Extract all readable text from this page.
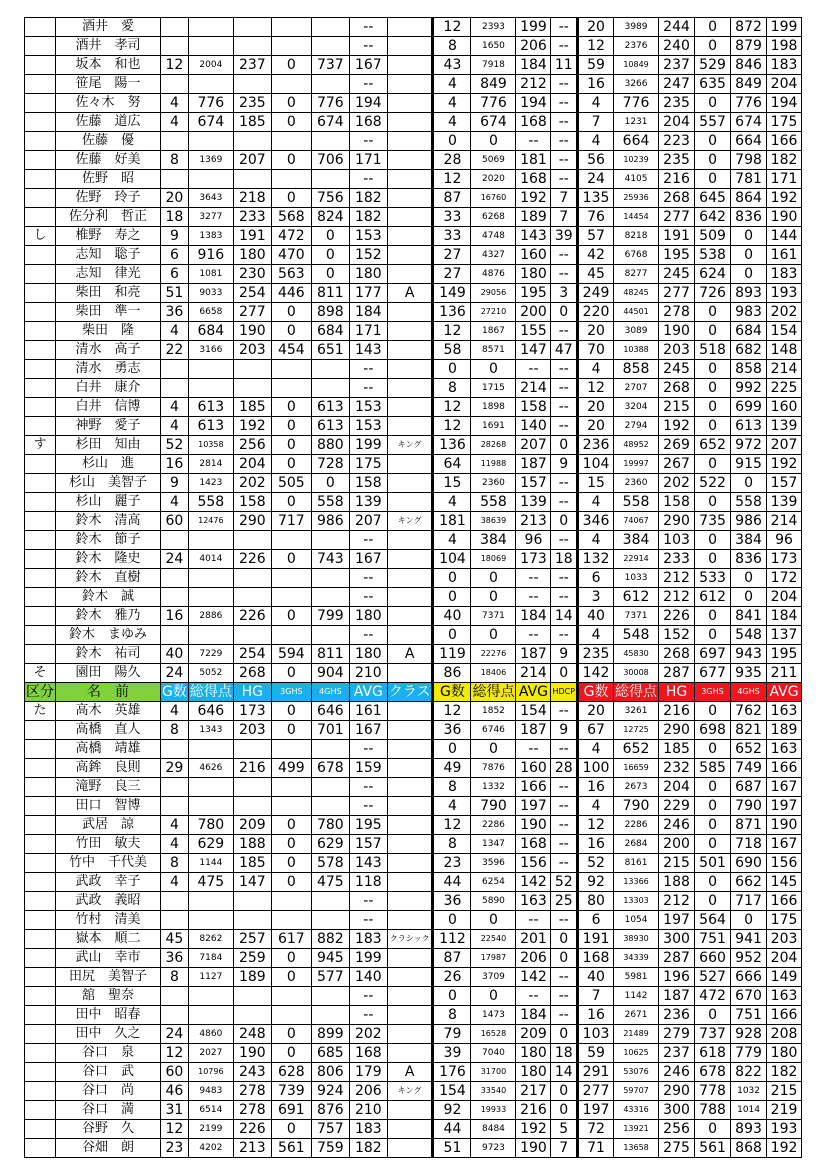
	酒井　愛						--		12	2393	199	--	20	3989	244	0	872	199
	酒井　孝司						--		8	1650	206	--	12	2376	240	0	879	198
	坂本　和也	12	2004	237	0	737	167		43	7918	184	11	59	10849	237	529	846	183
	笹尾　陽一						--		4	849	212	--	16	3266	247	635	849	204
	佐々木　努	4	776	235	0	776	194		4	776	194	--	4	776	235	0	776	194
	佐藤　道広	4	674	185	0	674	168		4	674	168	--	7	1231	204	557	674	175
	佐藤　優						--		0	0	--	--	4	664	223	0	664	166
	佐藤　好美	8	1369	207	0	706	171		28	5069	181	--	56	10239	235	0	798	182
	佐野　昭						--		12	2020	168	--	24	4105	216	0	781	171
	佐野　玲子	20	3643	218	0	756	182		87	16760	192	7	135	25936	268	645	864	192
	佐分利　哲正	18	3277	233	568	824	182		33	6268	189	7	76	14454	277	642	836	190
し	椎野　寿之	9	1383	191	472	0	153		33	4748	143	39	57	8218	191	509	0	144
	志知　聡子	6	916	180	470	0	152		27	4327	160	--	42	6768	195	538	0	161
	志知　律光	6	1081	230	563	0	180		27	4876	180	--	45	8277	245	624	0	183
	柴田　和亮	51	9033	254	446	811	177	A	149	29056	195	3	249	48245	277	726	893	193
	柴田　準一	36	6658	277	0	898	184		136	27210	200	0	220	44501	278	0	983	202
	柴田　隆	4	684	190	0	684	171		12	1867	155	--	20	3089	190	0	684	154
	清水　高子	22	3166	203	454	651	143		58	8571	147	47	70	10388	203	518	682	148
	清水　勇志						--		0	0	--	--	4	858	245	0	858	214
	白井　康介						--		8	1715	214	--	12	2707	268	0	992	225
	白井　信博	4	613	185	0	613	153		12	1898	158	--	20	3204	215	0	699	160
	神野　愛子	4	613	192	0	613	153		12	1691	140	--	20	2794	192	0	613	139
す	杉田　知由	52	10358	256	0	880	199	キング	136	28268	207	0	236	48952	269	652	972	207
	杉山　進	16	2814	204	0	728	175		64	11988	187	9	104	19997	267	0	915	192
	杉山　美智子	9	1423	202	505	0	158		15	2360	157	--	15	2360	202	522	0	157
	杉山　麗子	4	558	158	0	558	139		4	558	139	--	4	558	158	0	558	139
	鈴木　清高	60	12476	290	717	986	207	キング	181	38639	213	0	346	74067	290	735	986	214
	鈴木　節子						--		4	384	96	--	4	384	103	0	384	96
	鈴木　隆史	24	4014	226	0	743	167		104	18069	173	18	132	22914	233	0	836	173
	鈴木　直樹						--		0	0	--	--	6	1033	212	533	0	172
	鈴木　誠						--		0	0	--	--	3	612	212	612	0	204
	鈴木　雅乃	16	2886	226	0	799	180		40	7371	184	14	40	7371	226	0	841	184
	鈴木　まゆみ						--		0	0	--	--	4	548	152	0	548	137
	鈴木　祐司	40	7229	254	594	811	180	A	119	22276	187	9	235	45830	268	697	943	195
そ	園田　陽久	24	5052	268	0	904	210		86	18406	214	0	142	30008	287	677	935	211
区分	名　前	G数	総得点	HG	3GHS	4GHS	AVG	クラス	G数	総得点	AVG	HDCP	G数	総得点	HG	3GHS	4GHS	AVG
た	高木　英雄	4	646	173	0	646	161		12	1852	154	--	20	3261	216	0	762	163
	高橋　直人	8	1343	203	0	701	167		36	6746	187	9	67	12725	290	698	821	189
	高橋　靖雄						--		0	0	--	--	4	652	185	0	652	163
	高鉾　良則	29	4626	216	499	678	159		49	7876	160	28	100	16659	232	585	749	166
	滝野　良三						--		8	1332	166	--	16	2673	204	0	687	167
	田口　智博						--		4	790	197	--	4	790	229	0	790	197
	武居　諒	4	780	209	0	780	195		12	2286	190	--	12	2286	246	0	871	190
	竹田　敏夫	4	629	188	0	629	157		8	1347	168	--	16	2684	200	0	718	167
	竹中　千代美	8	1144	185	0	578	143		23	3596	156	--	52	8161	215	501	690	156
	武政　幸子	4	475	147	0	475	118		44	6254	142	52	92	13366	188	0	662	145
	武政　義昭						--		36	5890	163	25	80	13303	212	0	717	166
	竹村　清美						--		0	0	--	--	6	1054	197	564	0	175
	嶽本　順二	45	8262	257	617	882	183	クラシック	112	22540	201	0	191	38930	300	751	941	203
	武山　幸市	36	7184	259	0	945	199		87	17987	206	0	168	34339	287	660	952	204
	田尻　美智子	8	1127	189	0	577	140		26	3709	142	--	40	5981	196	527	666	149
	舘　聖奈						--		0	0	--	--	7	1142	187	472	670	163
	田中　昭春						--		8	1473	184	--	16	2671	236	0	751	166
	田中　久之	24	4860	248	0	899	202		79	16528	209	0	103	21489	279	737	928	208
	谷口　泉	12	2027	190	0	685	168		39	7040	180	18	59	10625	237	618	779	180
	谷口　武	60	10796	243	628	806	179	A	176	31700	180	14	291	53076	246	678	822	182
	谷口　尚	46	9483	278	739	924	206	キング	154	33540	217	0	277	59707	290	778	1032	215
	谷口　満	31	6514	278	691	876	210		92	19933	216	0	197	43316	300	788	1014	219
	谷野　久	12	2199	226	0	757	183		44	8484	192	5	72	13921	256	0	893	193
	谷畑　朗	23	4202	213	561	759	182		51	9723	190	7	71	13658	275	561	868	192
